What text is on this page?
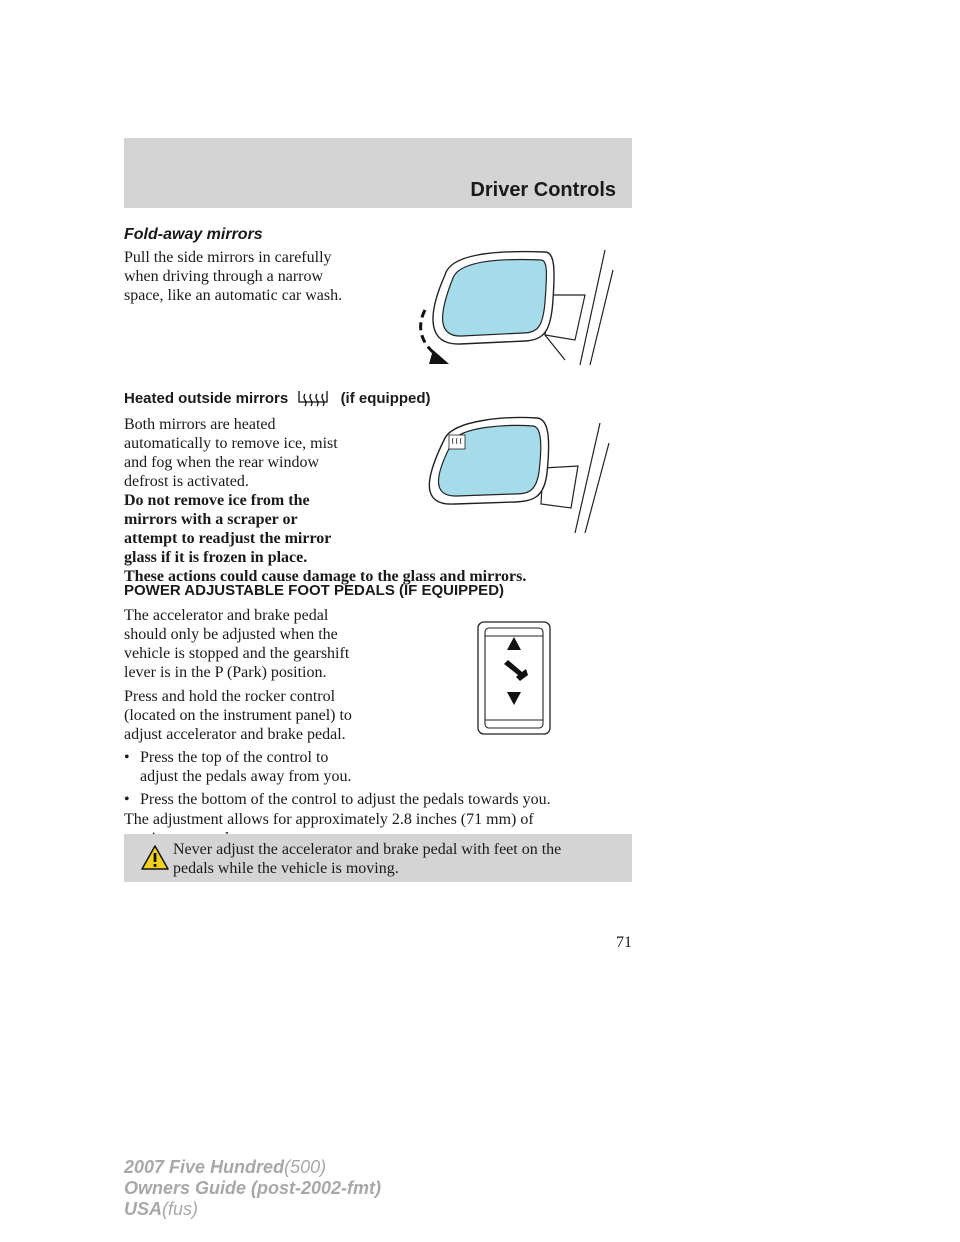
Driver Controls
Fold-away mirrors
Pull the side mirrors in carefully
when driving through a narrow
space, like an automatic car wash.
Heated outside mirrors	(if equipped)
Both mirrors are heated
automatically to remove ice, mist
and fog when the rear window
defrost is activated.
Do not remove ice from the
mirrors with a scraper or
attempt to readjust the mirror
glass if it is frozen in place.
These actions could cause damage to the glass and mirrors.
POWER ADJUSTABLE FOOT PEDALS (IF EQUIPPED)
The accelerator and brake pedal
should only be adjusted when the
vehicle is stopped and the gearshift
lever is in the P (Park) position.
Press and hold the rocker control
(located on the instrument panel) to
adjust accelerator and brake pedal.
• Press the top of the control to
adjust the pedals away from you.
• Press the bottom of the control to adjust the pedals towards you.
The adjustment allows for approximately 2.8 inches (71 mm) of
Never adjust the accelerator and brake pedal with feet on the
pedals while the vehicle is moving.
71
2007 Five Hundred(500)
Owners Guide (post-2002-fmt)
USA(fus)
